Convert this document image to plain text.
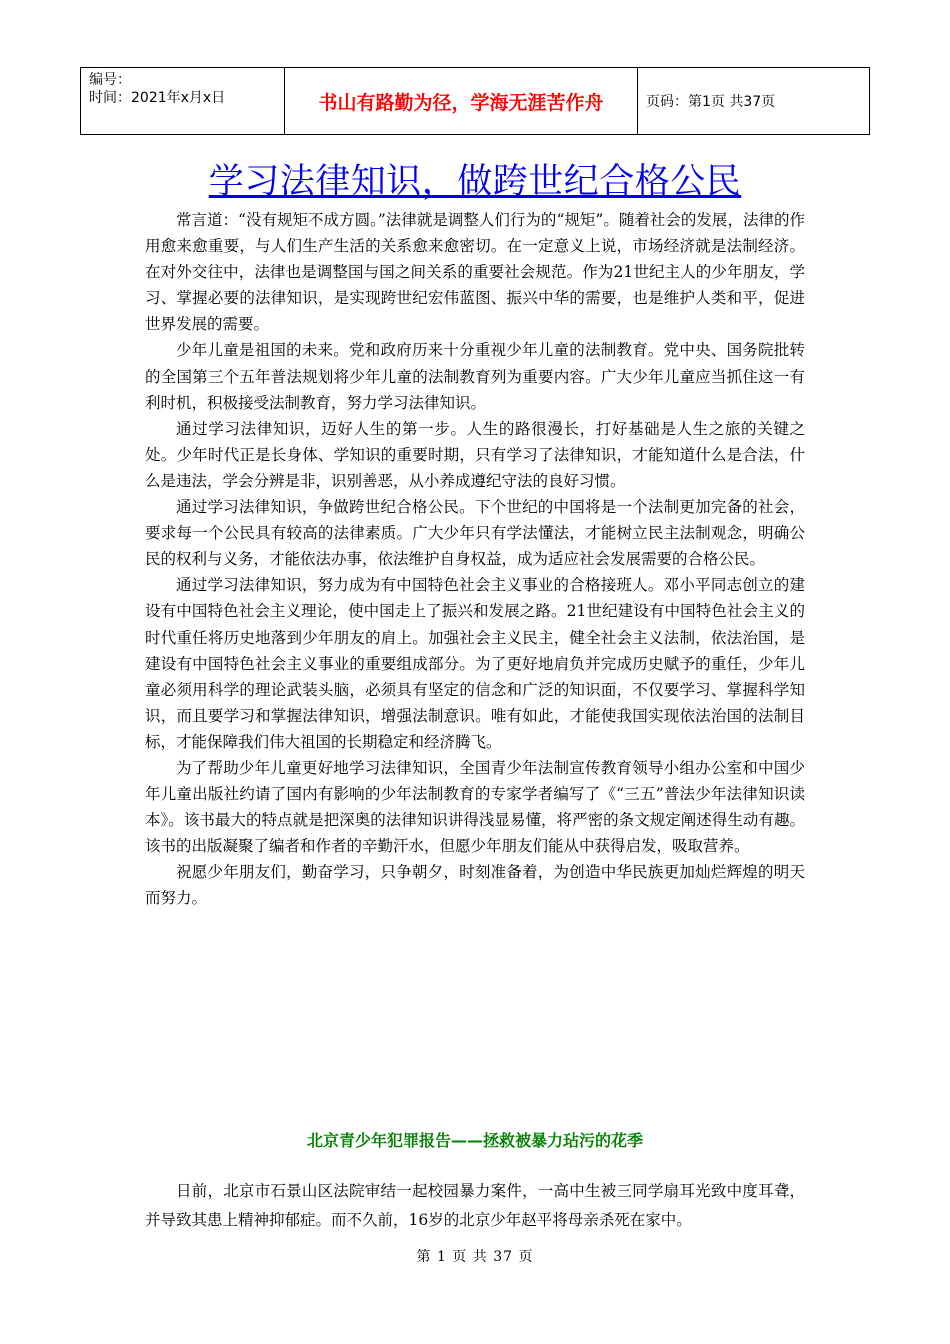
编号：
时间：2021年x月x日	书山有路勤为径，学海无涯苦作舟	页码：第1页 共37页
学习法律知识，做跨世纪合格公民

常言道：“没有规矩不成方圆。”法律就是调整人们行为的“规矩”。随着社会的发展，法律的作用愈来愈重要，与人们生产生活的关系愈来愈密切。在一定意义上说，市场经济就是法制经济。在对外交往中，法律也是调整国与国之间关系的重要社会规范。作为21世纪主人的少年朋友，学习、掌握必要的法律知识，是实现跨世纪宏伟蓝图、振兴中华的需要，也是维护人类和平，促进世界发展的需要。

少年儿童是祖国的未来。党和政府历来十分重视少年儿童的法制教育。党中央、国务院批转的全国第三个五年普法规划将少年儿童的法制教育列为重要内容。广大少年儿童应当抓住这一有利时机，积极接受法制教育，努力学习法律知识。

通过学习法律知识，迈好人生的第一步。人生的路很漫长，打好基础是人生之旅的关键之处。少年时代正是长身体、学知识的重要时期，只有学习了法律知识，才能知道什么是合法，什么是违法，学会分辨是非，识别善恶，从小养成遵纪守法的良好习惯。

通过学习法律知识，争做跨世纪合格公民。下个世纪的中国将是一个法制更加完备的社会，要求每一个公民具有较高的法律素质。广大少年只有学法懂法，才能树立民主法制观念，明确公民的权利与义务，才能依法办事，依法维护自身权益，成为适应社会发展需要的合格公民。

通过学习法律知识，努力成为有中国特色社会主义事业的合格接班人。邓小平同志创立的建设有中国特色社会主义理论，使中国走上了振兴和发展之路。21世纪建设有中国特色社会主义的时代重任将历史地落到少年朋友的肩上。加强社会主义民主，健全社会主义法制，依法治国，是建设有中国特色社会主义事业的重要组成部分。为了更好地肩负并完成历史赋予的重任，少年儿童必须用科学的理论武装头脑，必须具有坚定的信念和广泛的知识面，不仅要学习、掌握科学知识，而且要学习和掌握法律知识，增强法制意识。唯有如此，才能使我国实现依法治国的法制目标，才能保障我们伟大祖国的长期稳定和经济腾飞。

为了帮助少年儿童更好地学习法律知识，全国青少年法制宣传教育领导小组办公室和中国少年儿童出版社约请了国内有影响的少年法制教育的专家学者编写了《“三五”普法少年法律知识读本》。该书最大的特点就是把深奥的法律知识讲得浅显易懂，将严密的条文规定阐述得生动有趣。该书的出版凝聚了编者和作者的辛勤汗水，但愿少年朋友们能从中获得启发，吸取营养。

祝愿少年朋友们，勤奋学习，只争朝夕，时刻准备着，为创造中华民族更加灿烂辉煌的明天而努力。

北京青少年犯罪报告——拯救被暴力玷污的花季

日前，北京市石景山区法院审结一起校园暴力案件，一高中生被三同学扇耳光致中度耳聋，并导致其患上精神抑郁症。而不久前，16岁的北京少年赵平将母亲杀死在家中。

第 1 页 共 37 页
